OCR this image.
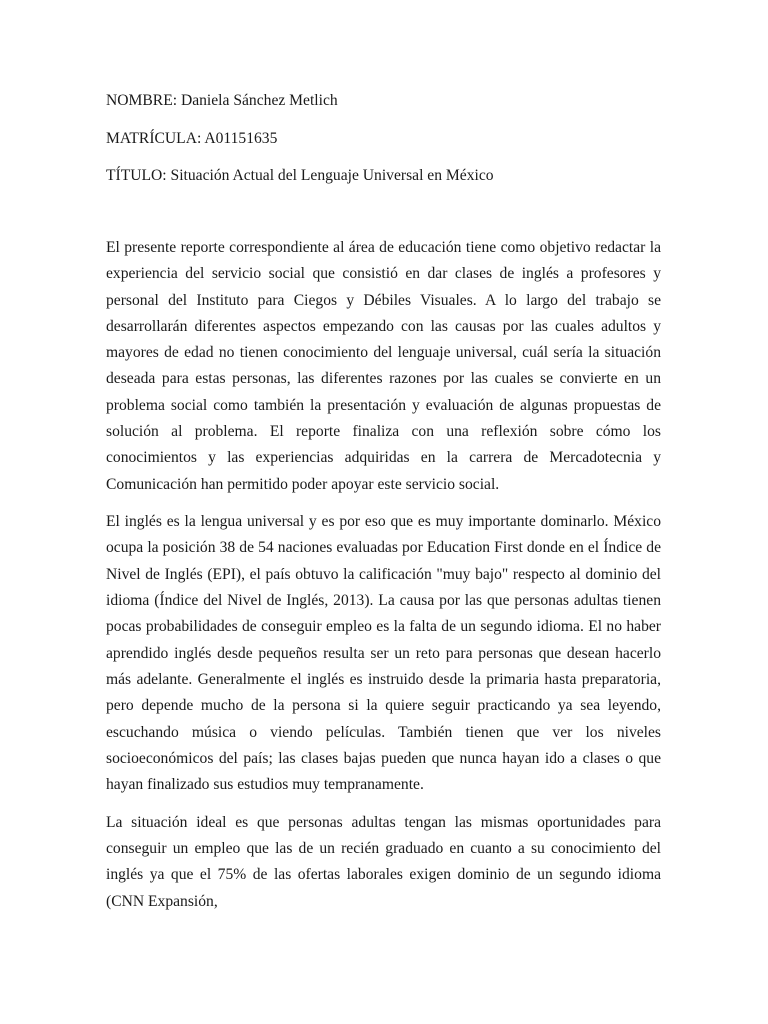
NOMBRE: Daniela Sánchez Metlich
MATRÍCULA: A01151635
TÍTULO: Situación Actual del Lenguaje Universal en México

El presente reporte correspondiente al área de educación tiene como objetivo redactar la experiencia del servicio social que consistió en dar clases de inglés a profesores y personal del Instituto para Ciegos y Débiles Visuales. A lo largo del trabajo se desarrollarán diferentes aspectos empezando con las causas por las cuales adultos y mayores de edad no tienen conocimiento del lenguaje universal, cuál sería la situación deseada para estas personas, las diferentes razones por las cuales se convierte en un problema social como también la presentación y evaluación de algunas propuestas de solución al problema. El reporte finaliza con una reflexión sobre cómo los conocimientos y las experiencias adquiridas en la carrera de Mercadotecnia y Comunicación han permitido poder apoyar este servicio social.

El inglés es la lengua universal y es por eso que es muy importante dominarlo. México ocupa la posición 38 de 54 naciones evaluadas por Education First donde en el Índice de Nivel de Inglés (EPI), el país obtuvo la calificación "muy bajo" respecto al dominio del idioma (Índice del Nivel de Inglés, 2013). La causa por las que personas adultas tienen pocas probabilidades de conseguir empleo es la falta de un segundo idioma. El no haber aprendido inglés desde pequeños resulta ser un reto para personas que desean hacerlo más adelante. Generalmente el inglés es instruido desde la primaria hasta preparatoria, pero depende mucho de la persona si la quiere seguir practicando ya sea leyendo, escuchando música o viendo películas. También tienen que ver los niveles socioeconómicos del país; las clases bajas pueden que nunca hayan ido a clases o que hayan finalizado sus estudios muy tempranamente.

La situación ideal es que personas adultas tengan las mismas oportunidades para conseguir un empleo que las de un recién graduado en cuanto a su conocimiento del inglés ya que el 75% de las ofertas laborales exigen dominio de un segundo idioma (CNN Expansión,
